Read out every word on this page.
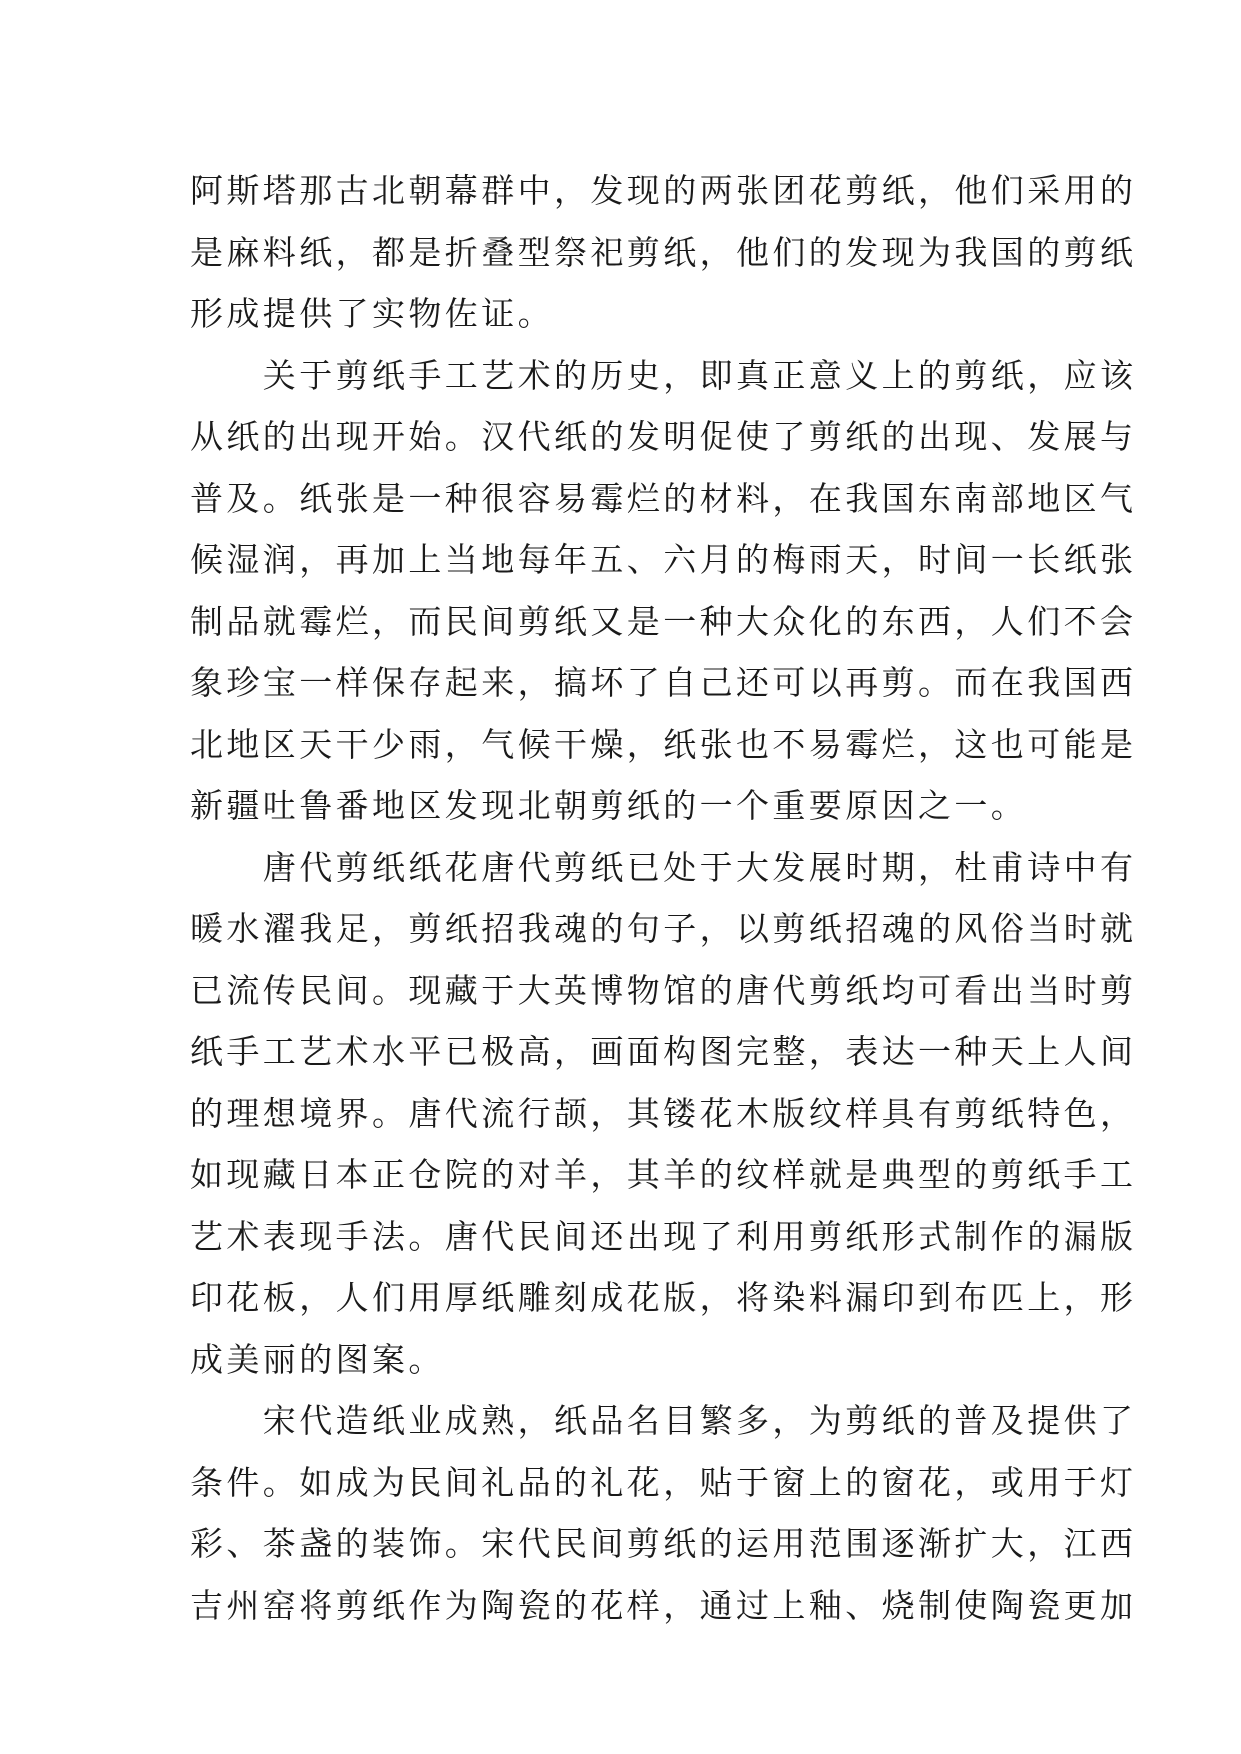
阿斯塔那古北朝幕群中，发现的两张团花剪纸，他们采用的
是麻料纸，都是折叠型祭祀剪纸，他们的发现为我国的剪纸
形成提供了实物佐证。
　　关于剪纸手工艺术的历史，即真正意义上的剪纸，应该
从纸的出现开始。汉代纸的发明促使了剪纸的出现、发展与
普及。纸张是一种很容易霉烂的材料，在我国东南部地区气
候湿润，再加上当地每年五、六月的梅雨天，时间一长纸张
制品就霉烂，而民间剪纸又是一种大众化的东西，人们不会
象珍宝一样保存起来，搞坏了自己还可以再剪。而在我国西
北地区天干少雨，气候干燥，纸张也不易霉烂，这也可能是
新疆吐鲁番地区发现北朝剪纸的一个重要原因之一。
　　唐代剪纸纸花唐代剪纸已处于大发展时期，杜甫诗中有
暖水濯我足，剪纸招我魂的句子，以剪纸招魂的风俗当时就
已流传民间。现藏于大英博物馆的唐代剪纸均可看出当时剪
纸手工艺术水平已极高，画面构图完整，表达一种天上人间
的理想境界。唐代流行颉，其镂花木版纹样具有剪纸特色，
如现藏日本正仓院的对羊，其羊的纹样就是典型的剪纸手工
艺术表现手法。唐代民间还出现了利用剪纸形式制作的漏版
印花板，人们用厚纸雕刻成花版，将染料漏印到布匹上，形
成美丽的图案。
　　宋代造纸业成熟，纸品名目繁多，为剪纸的普及提供了
条件。如成为民间礼品的礼花，贴于窗上的窗花，或用于灯
彩、茶盏的装饰。宋代民间剪纸的运用范围逐渐扩大，江西
吉州窑将剪纸作为陶瓷的花样，通过上釉、烧制使陶瓷更加
